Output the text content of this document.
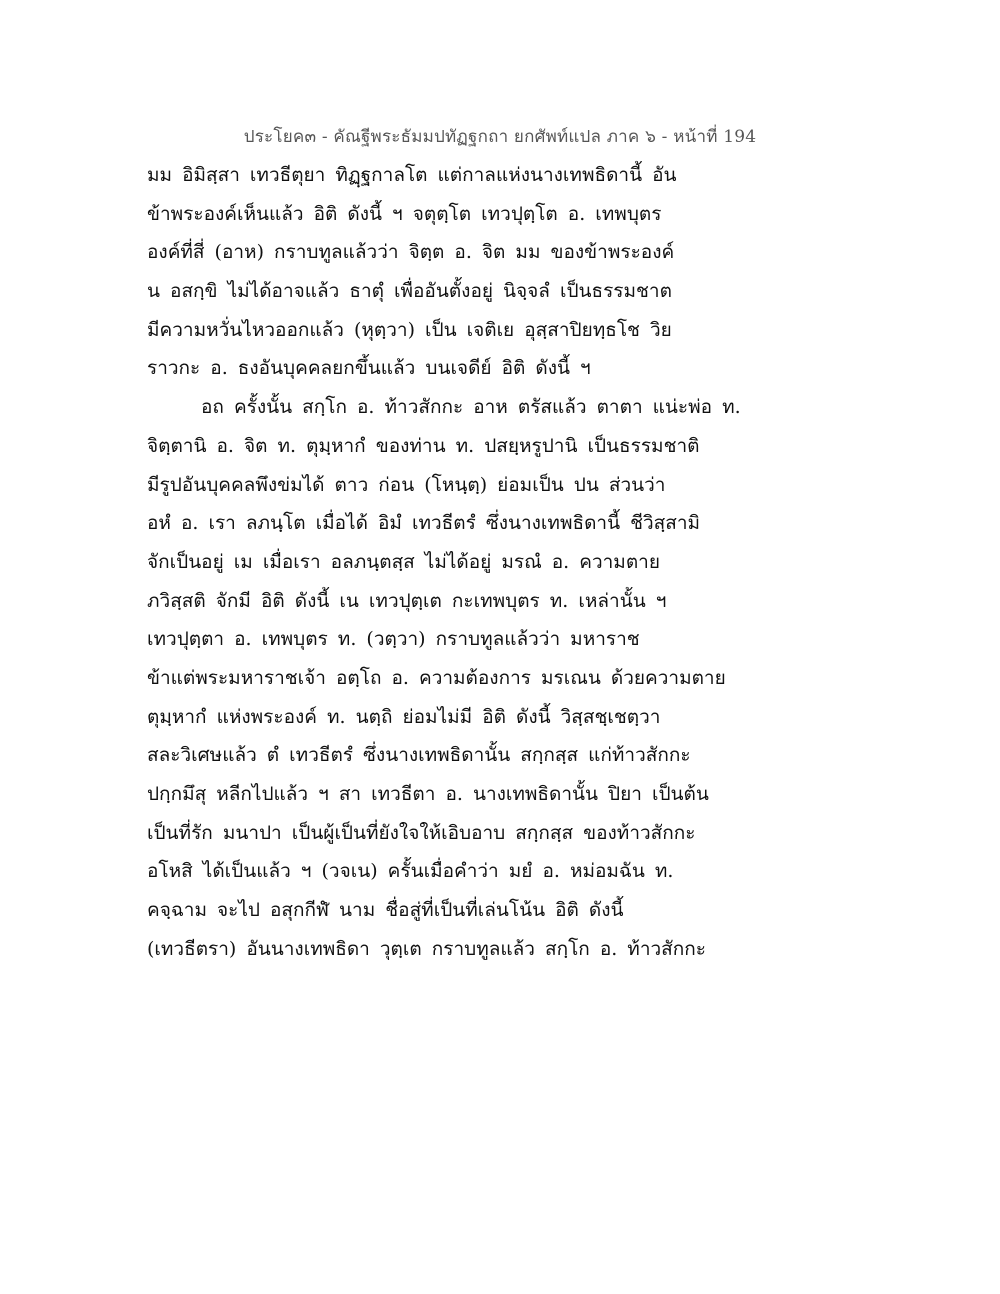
ประโยค๓ - คัณฐีพระธัมมปทัฏฐกถา ยกศัพท์แปล ภาค ๖ - หน้าที่ 194
มม อิมิสฺสา เทวธีตุยา ทิฏฺฐกาลโต แต่กาลแห่งนางเทพธิดานี้ อัน
ข้าพระองค์เห็นแล้ว อิติ ดังนี้ ฯ จตุตฺโต เทวปุตฺโต อ. เทพบุตร
องค์ที่สี่ (อาห) กราบทูลแล้วว่า จิตฺต อ. จิต มม ของข้าพระองค์
น อสกฺขิ ไม่ได้อาจแล้ว ธาตุํ เพื่ออันตั้งอยู่ นิจฺจลํ เป็นธรรมชาต
มีความหวั่นไหวออกแล้ว (หุตฺวา) เป็น เจติเย อุสฺสาปิยทฺธโช วิย
ราวกะ อ. ธงอันบุคคลยกขึ้นแล้ว บนเจดีย์ อิติ ดังนี้ ฯ
อถ ครั้งนั้น สกฺโก อ. ท้าวสักกะ อาห ตรัสแล้ว ตาตา แน่ะพ่อ ท.
จิตฺตานิ อ. จิต ท. ตุมฺหากํ ของท่าน ท. ปสยฺหรูปานิ เป็นธรรมชาติ
มีรูปอันบุคคลพึงข่มได้ ตาว ก่อน (โหนฺตฺ) ย่อมเป็น ปน ส่วนว่า
อหํ อ. เรา ลภนฺโต เมื่อได้ อิมํ เทวธีตรํ ซึ่งนางเทพธิดานี้ ชีวิสฺสามิ
จักเป็นอยู่ เม เมื่อเรา อลภนฺตสฺส ไม่ได้อยู่ มรณํ อ. ความตาย
ภวิสฺสติ จักมี อิติ ดังนี้ เน เทวปุตฺเต กะเทพบุตร ท. เหล่านั้น ฯ
เทวปุตฺตา อ. เทพบุตร ท. (วตฺวา) กราบทูลแล้วว่า มหาราช
ข้าแต่พระมหาราชเจ้า อตฺโถ อ. ความต้องการ มรเณน ด้วยความตาย
ตุมฺหากํ แห่งพระองค์ ท. นตฺถิ ย่อมไม่มี อิติ ดังนี้ วิสฺสชฺเชตฺวา
สละวิเศษแล้ว ตํ เทวธีตรํ ซึ่งนางเทพธิดานั้น สกฺกสฺส แก่ท้าวสักกะ
ปกฺกมึสุ หลีกไปแล้ว ฯ สา เทวธีตา อ. นางเทพธิดานั้น ปิยา เป็นต้น
เป็นที่รัก มนาปา เป็นผู้เป็นที่ยังใจให้เอิบอาบ สกฺกสฺส ของท้าวสักกะ
อโหสิ ได้เป็นแล้ว ฯ (วจเน) ครั้นเมื่อคำว่า มยํ อ. หม่อมฉัน ท.
คจฺฉาม จะไป อสุกกีฬํ นาม ชื่อสู่ที่เป็นที่เล่นโน้น อิติ ดังนี้
(เทวธีตรา) อันนางเทพธิดา วุตฺเต กราบทูลแล้ว สกฺโก อ. ท้าวสักกะ
